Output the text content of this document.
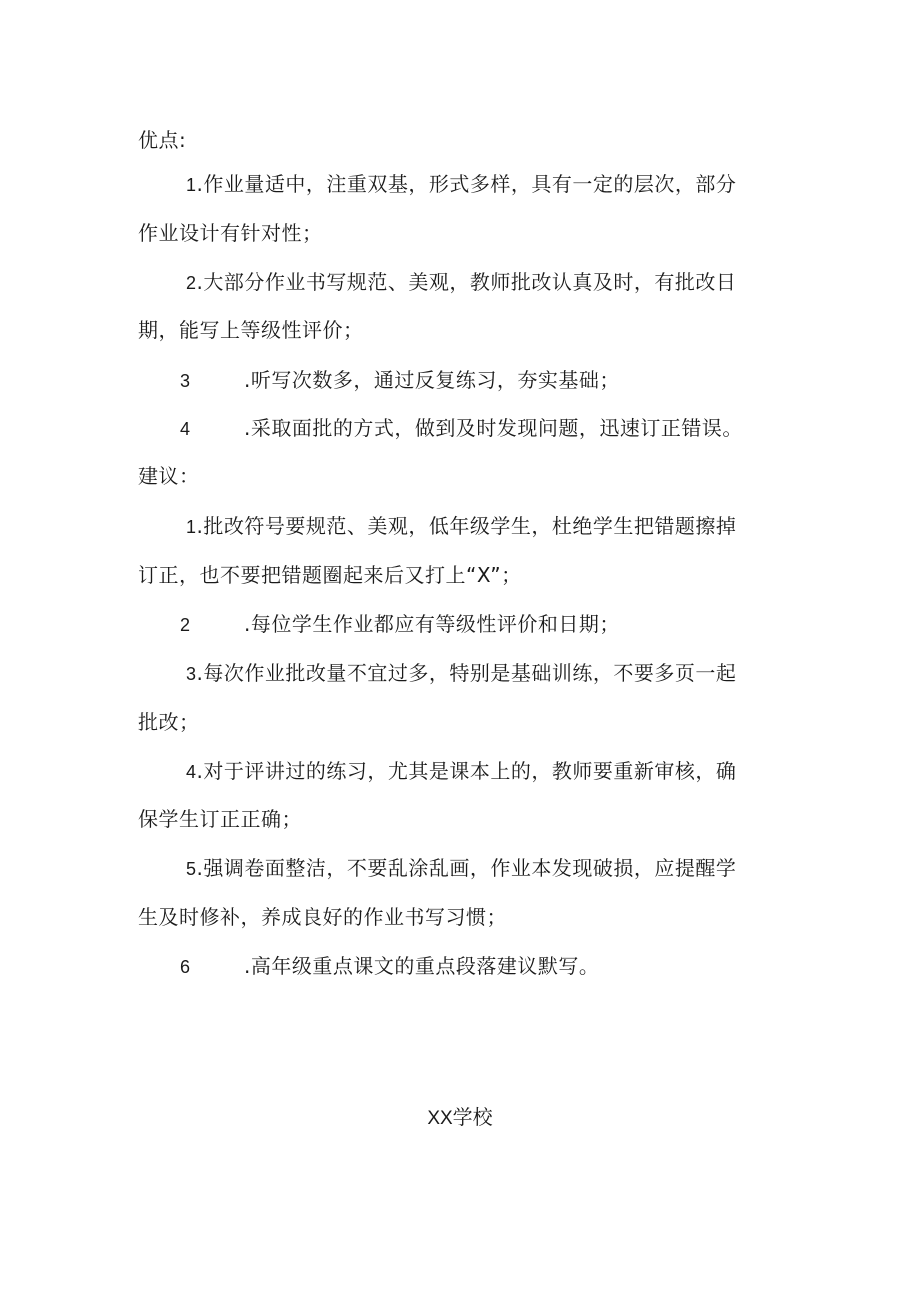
优点:
1.作业量适中，注重双基，形式多样，具有一定的层次，部分
作业设计有针对性；
2.大部分作业书写规范、美观，教师批改认真及时，有批改日
期，能写上等级性评价；
3	.听写次数多，通过反复练习，夯实基础；
4	.采取面批的方式，做到及时发现问题，迅速订正错误。
建议：
1.批改符号要规范、美观，低年级学生，杜绝学生把错题擦掉
订正，也不要把错题圈起来后又打上“X”；
2	.每位学生作业都应有等级性评价和日期；
3.每次作业批改量不宜过多，特别是基础训练，不要多页一起
批改；
4.对于评讲过的练习，尤其是课本上的，教师要重新审核，确
保学生订正正确；
5.强调卷面整洁，不要乱涂乱画，作业本发现破损，应提醒学
生及时修补，养成良好的作业书写习惯；
6	.高年级重点课文的重点段落建议默写。
XX学校
